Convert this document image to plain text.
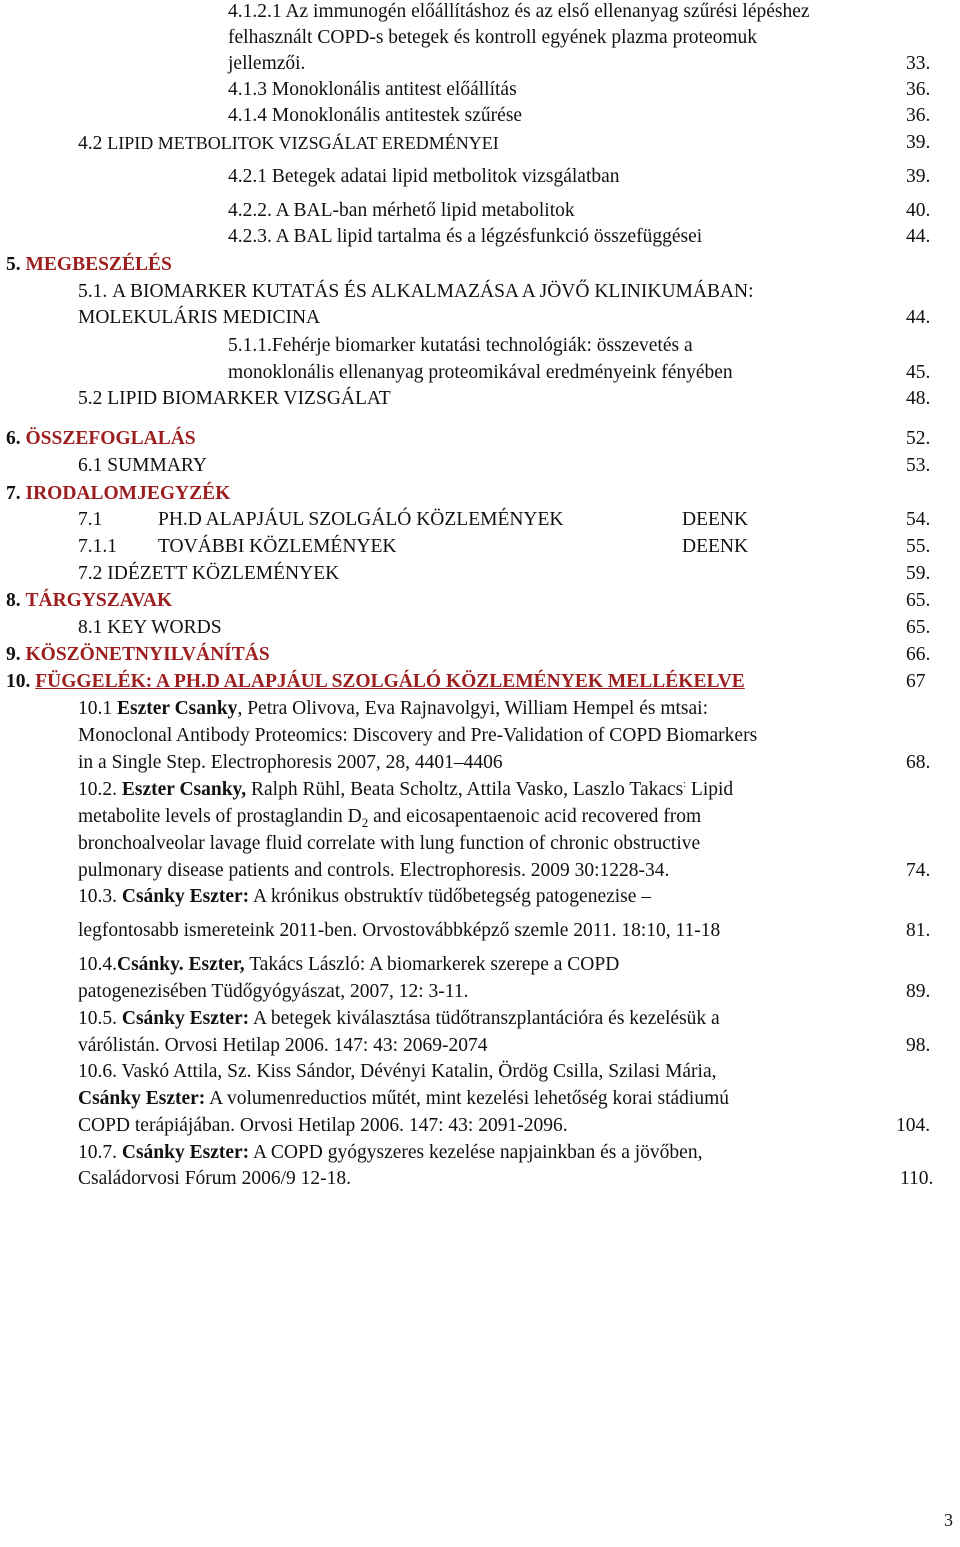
4.1.2.1 Az immunogén előállításhoz és az első ellenanyag szűrési lépéshez
felhasznált COPD-s betegek és kontroll egyének plazma proteomuk
jellemzői.	33.
4.1.3 Monoklonális antitest előállítás	36.
4.1.4 Monoklonális antitestek szűrése	36.
4.2 LIPID METBOLITOK VIZSGÁLAT EREDMÉNYEI	39.
4.2.1 Betegek adatai lipid metbolitok vizsgálatban	39.
4.2.2. A BAL-ban mérhető lipid metabolitok	40.
4.2.3. A BAL lipid tartalma és a légzésfunkció összefüggései	44.
5. MEGBESZÉLÉS
5.1. A BIOMARKER KUTATÁS ÉS ALKALMAZÁSA A JÖVŐ KLINIKUMÁBAN:
MOLEKULÁRIS MEDICINA	44.
5.1.1.Fehérje biomarker kutatási technológiák: összevetés a
monoklonális ellenanyag proteomikával eredményeink fényében	45.
5.2 LIPID BIOMARKER VIZSGÁLAT	48.
6. ÖSSZEFOGLALÁS	52.
6.1 SUMMARY	53.
7. IRODALOMJEGYZÉK
7.1	PH.D ALAPJÁUL SZOLGÁLÓ KÖZLEMÉNYEK	DEENK	54.
7.1.1 TOVÁBBI KÖZLEMÉNYEK	DEENK	55.
7.2 IDÉZETT KÖZLEMÉNYEK	59.
8. TÁRGYSZAVAK	65.
8.1 KEY WORDS	65.
9. KÖSZÖNETNYILVÁNÍTÁS	66.
10. FÜGGELÉK: A PH.D ALAPJÁUL SZOLGÁLÓ KÖZLEMÉNYEK MELLÉKELVE	67
10.1 Eszter Csanky, Petra Olivova, Eva Rajnavolgyi, William Hempel és mtsai:
Monoclonal Antibody Proteomics: Discovery and Pre-Validation of COPD Biomarkers
in a Single Step. Electrophoresis 2007, 28, 4401–4406	68.
10.2. Eszter Csanky, Ralph Rühl, Beata Scholtz, Attila Vasko, Laszlo Takacs: Lipid
metabolite levels of prostaglandin $D_2$ and eicosapentaenoic acid recovered from
bronchoalveolar lavage fluid correlate with lung function of chronic obstructive
pulmonary disease patients and controls. Electrophoresis. 2009 30:1228-34.	74.
10.3. Csánky Eszter: A krónikus obstruktív tüdőbetegség patogenezise –
legfontosabb ismereteink 2011-ben. Orvostovábbképző szemle 2011. 18:10, 11-18	81.
10.4.Csánky. Eszter, Takács László: A biomarkerek szerepe a COPD
patogenezisében Tüdőgyógyászat, 2007, 12: 3-11.	89.
10.5. Csánky Eszter: A betegek kiválasztása tüdőtranszplantációra és kezelésük a
várólistán. Orvosi Hetilap 2006. 147: 43: 2069-2074	98.
10.6. Vaskó Attila, Sz. Kiss Sándor, Dévényi Katalin, Ördög Csilla, Szilasi Mária,
Csánky Eszter: A volumenreductios műtét, mint kezelési lehetőség korai stádiumú
COPD terápiájában. Orvosi Hetilap 2006. 147: 43: 2091-2096.	104.
10.7. Csánky Eszter: A COPD gyógyszeres kezelése napjainkban és a jövőben,
Családorvosi Fórum 2006/9 12-18.	110.
3
